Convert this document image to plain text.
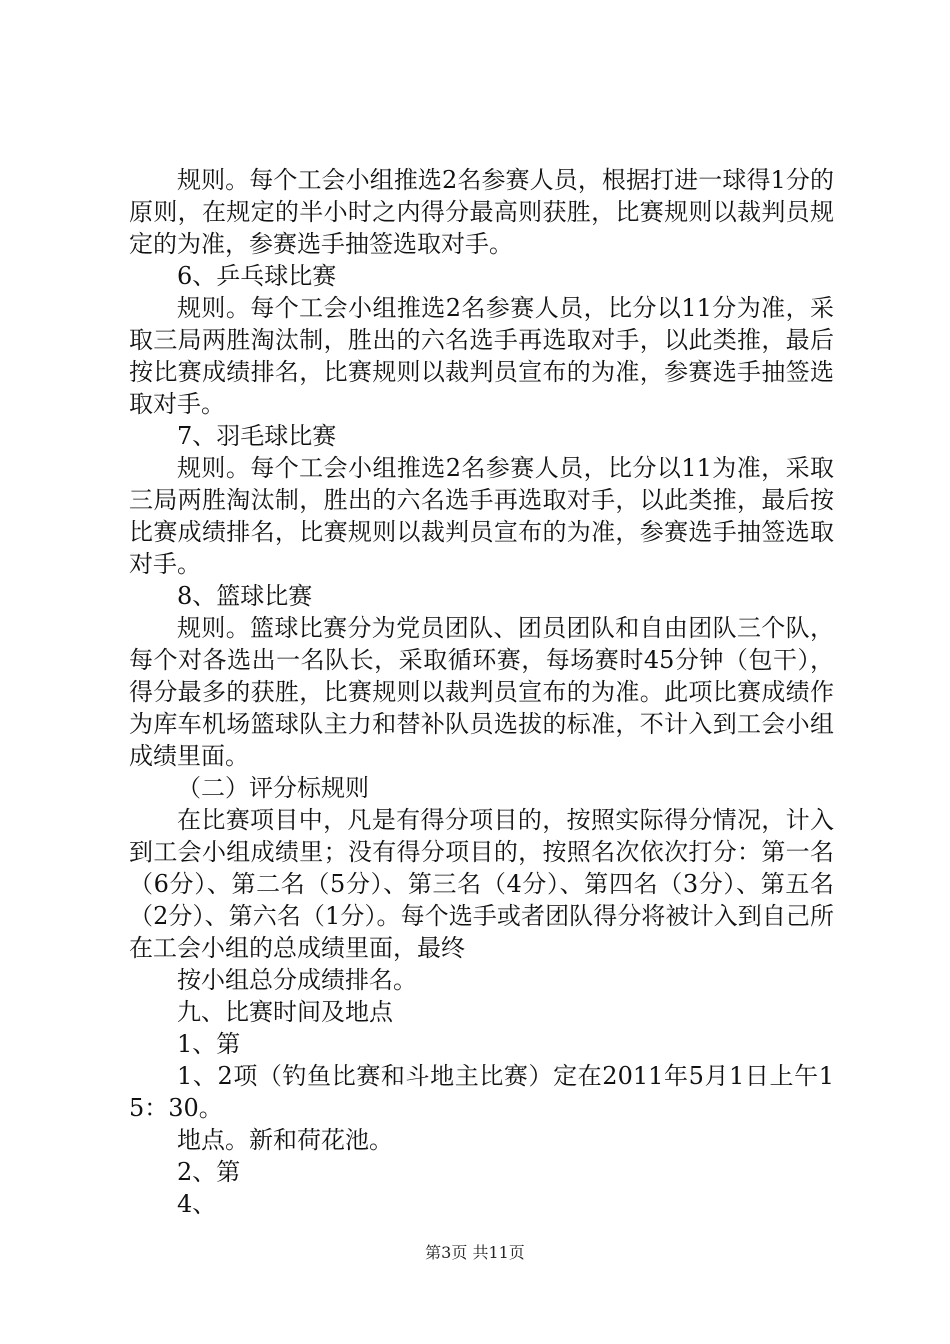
规则。每个工会小组推选2名参赛人员，根据打进一球得1分的原则，在规定的半小时之内得分最高则获胜，比赛规则以裁判员规定的为准，参赛选手抽签选取对手。

6、乒乓球比赛

规则。每个工会小组推选2名参赛人员，比分以11分为准，采取三局两胜淘汰制，胜出的六名选手再选取对手，以此类推，最后按比赛成绩排名，比赛规则以裁判员宣布的为准，参赛选手抽签选取对手。

7、羽毛球比赛

规则。每个工会小组推选2名参赛人员，比分以11为准，采取三局两胜淘汰制，胜出的六名选手再选取对手，以此类推，最后按比赛成绩排名，比赛规则以裁判员宣布的为准，参赛选手抽签选取对手。

8、篮球比赛

规则。篮球比赛分为党员团队、团员团队和自由团队三个队，每个对各选出一名队长，采取循环赛，每场赛时45分钟（包干），得分最多的获胜，比赛规则以裁判员宣布的为准。此项比赛成绩作为库车机场篮球队主力和替补队员选拔的标准，不计入到工会小组成绩里面。

（二）评分标规则

在比赛项目中，凡是有得分项目的，按照实际得分情况，计入到工会小组成绩里；没有得分项目的，按照名次依次打分：第一名（6分）、第二名（5分）、第三名（4分）、第四名（3分）、第五名（2分）、第六名（1分）。每个选手或者团队得分将被计入到自己所在工会小组的总成绩里面，最终

按小组总分成绩排名。

九、比赛时间及地点

1、第

1、2项（钓鱼比赛和斗地主比赛）定在2011年5月1日上午15：30。

地点。新和荷花池。

2、第

4、

第3页 共11页
